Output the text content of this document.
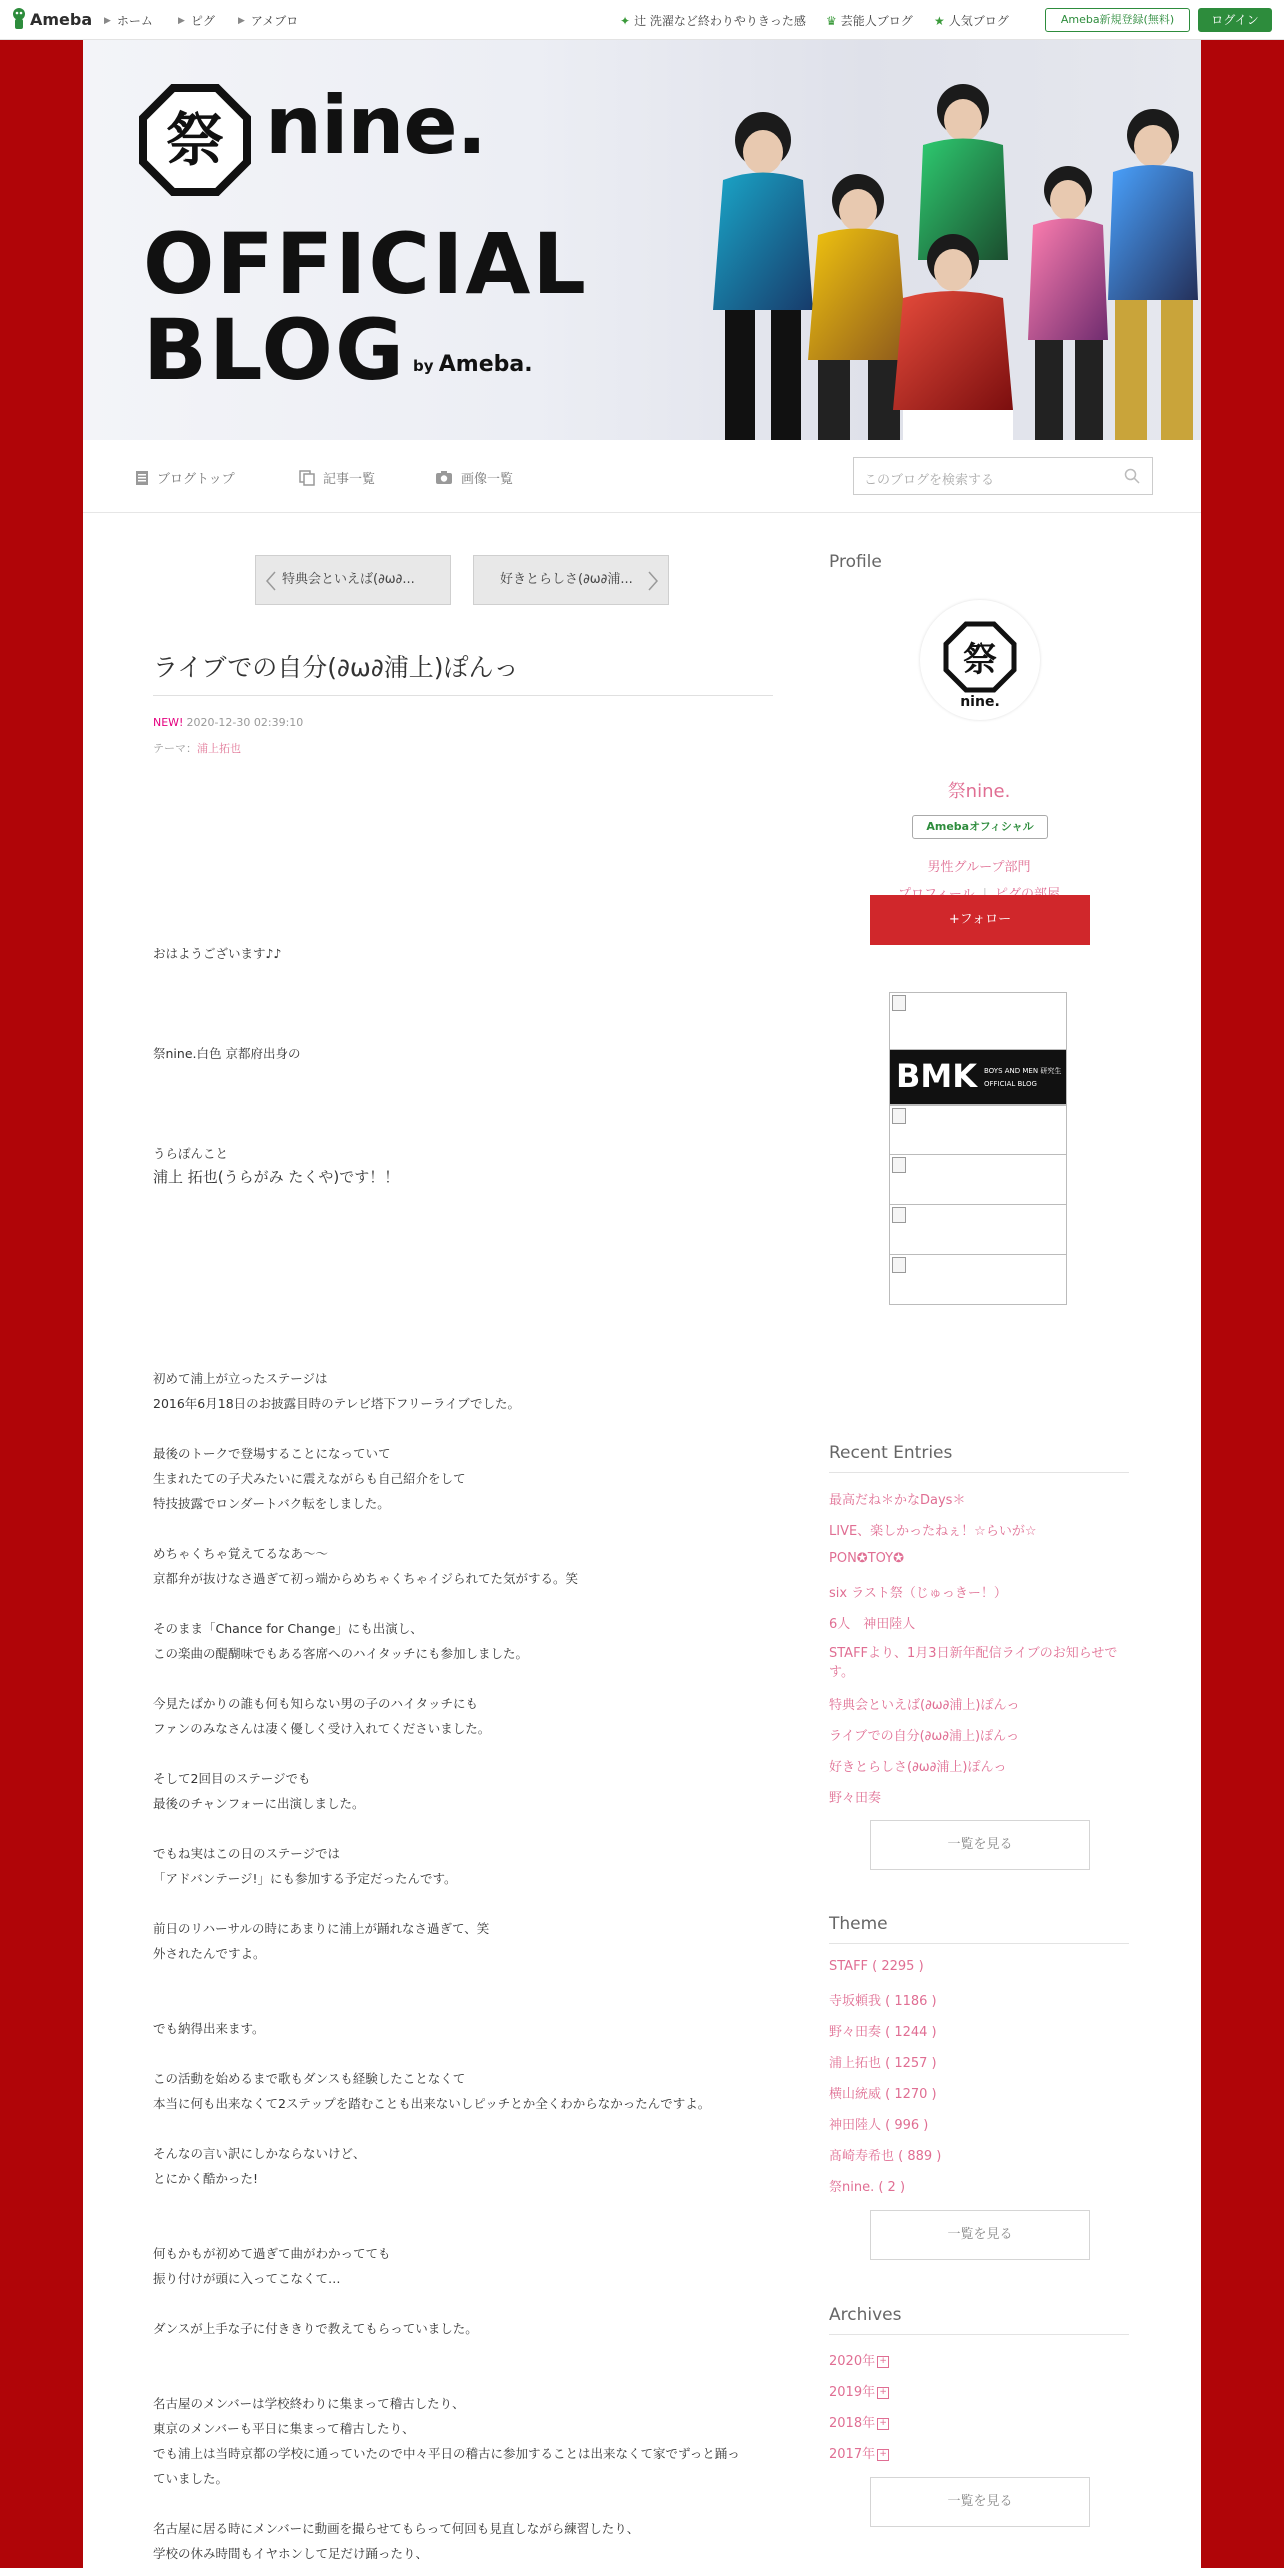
Ameba ▶ ホーム	▶ ピグ	▶ アメブロ	✦ 辻 洗濯など終わりやりきった感 ♛ 芸能人ブログ ★ 人気ブログ	Ameba新規登録(無料)	ログイン
祭 nine.
OFFICIAL
BLOG by Ameba.
ブログトップ	記事一覧	画像一覧	このブログを検索する
特典会といえば(∂ω∂...	好きとらしさ(∂ω∂浦...
ライブでの自分(∂ω∂浦上)ぽんっ
NEW! 2020-12-30 02:39:10
テーマ：浦上拓也
おはようございます♪♪
祭nine.白色 京都府出身の
うらぽんこと
浦上 拓也(うらがみ たくや)です！！
初めて浦上が立ったステージは
2016年6月18日のお披露目時のテレビ塔下フリーライブでした。
最後のトークで登場することになっていて
生まれたての子犬みたいに震えながらも自己紹介をして
特技披露でロンダートバク転をしました。
めちゃくちゃ覚えてるなあ〜〜
京都弁が抜けなさ過ぎて初っ端からめちゃくちゃイジられてた気がする。笑
そのまま「Chance for Change」にも出演し、
この楽曲の醍醐味でもある客席へのハイタッチにも参加しました。
今見たばかりの誰も何も知らない男の子のハイタッチにも
ファンのみなさんは凄く優しく受け入れてくださいました。
そして2回目のステージでも
最後のチャンフォーに出演しました。
でもね実はこの日のステージでは
「アドバンテージ!」にも参加する予定だったんです。
前日のリハーサルの時にあまりに浦上が踊れなさ過ぎて、笑
外されたんですよ。
でも納得出来ます。
この活動を始めるまで歌もダンスも経験したことなくて
本当に何も出来なくて2ステップを踏むことも出来ないしピッチとか全くわからなかったんですよ。
そんなの言い訳にしかならないけど、
とにかく酷かった!
何もかもが初めて過ぎて曲がわかってても
振り付けが頭に入ってこなくて…
ダンスが上手な子に付ききりで教えてもらっていました。
名古屋のメンバーは学校終わりに集まって稽古したり、
東京のメンバーも平日に集まって稽古したり、
でも浦上は当時京都の学校に通っていたので中々平日の稽古に参加することは出来なくて家でずっと踊っ
ていました。
名古屋に居る時にメンバーに動画を撮らせてもらって何回も見直しながら練習したり、
学校の休み時間もイヤホンして足だけ踊ったり、
Profile
祭
nine.
祭nine.
Amebaオフィシャル
男性グループ部門
+フォロー
BMK BOYS AND MEN 研究生
OFFICIAL BLOG
Recent Entries
最高だね＊かなDays＊
LIVE、楽しかったねぇ！☆らいが☆
PON✪TOY✪
six ラスト祭（じゅっきー！）
6人　神田陸人
STAFFより、1月3日新年配信ライブのお知らせです。
特典会といえば(∂ω∂浦上)ぽんっ
ライブでの自分(∂ω∂浦上)ぽんっ
好きとらしさ(∂ω∂浦上)ぽんっ
野々田奏
一覧を見る
Theme
STAFF ( 2295 )
寺坂頼我 ( 1186 )
野々田奏 ( 1244 )
浦上拓也 ( 1257 )
横山統威 ( 1270 )
神田陸人 ( 996 )
髙崎寿希也 ( 889 )
祭nine. ( 2 )
一覧を見る
Archives
2020年 +
2019年 +
2018年 +
2017年 +
一覧を見る
